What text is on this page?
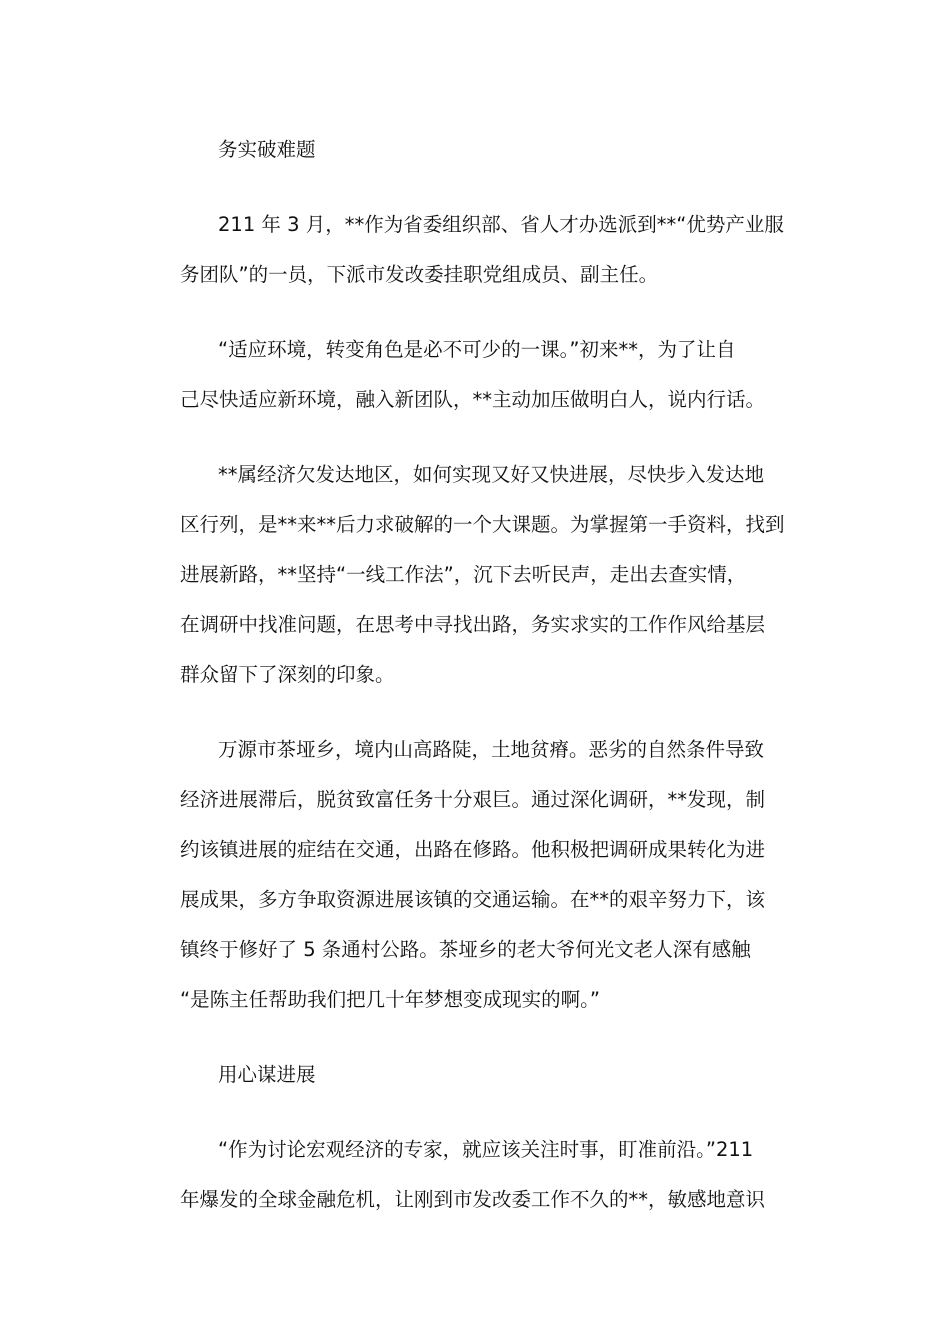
务实破难题
211 年 3 月，**作为省委组织部、省人才办选派到**“优势产业服
务团队”的一员，下派市发改委挂职党组成员、副主任。
“适应环境，转变角色是必不可少的一课。”初来**，为了让自
己尽快适应新环境，融入新团队，**主动加压做明白人，说内行话。
**属经济欠发达地区，如何实现又好又快进展，尽快步入发达地
区行列，是**来**后力求破解的一个大课题。为掌握第一手资料，找到
进展新路，**坚持“一线工作法”，沉下去听民声，走出去查实情，
在调研中找准问题，在思考中寻找出路，务实求实的工作作风给基层
群众留下了深刻的印象。
万源市茶垭乡，境内山高路陡，土地贫瘠。恶劣的自然条件导致
经济进展滞后，脱贫致富任务十分艰巨。通过深化调研，**发现，制
约该镇进展的症结在交通，出路在修路。他积极把调研成果转化为进
展成果，多方争取资源进展该镇的交通运输。在**的艰辛努力下，该
镇终于修好了 5 条通村公路。茶垭乡的老大爷何光文老人深有感触
“是陈主任帮助我们把几十年梦想变成现实的啊。”
用心谋进展
“作为讨论宏观经济的专家，就应该关注时事，盯准前沿。”211
年爆发的全球金融危机，让刚到市发改委工作不久的**，敏感地意识
